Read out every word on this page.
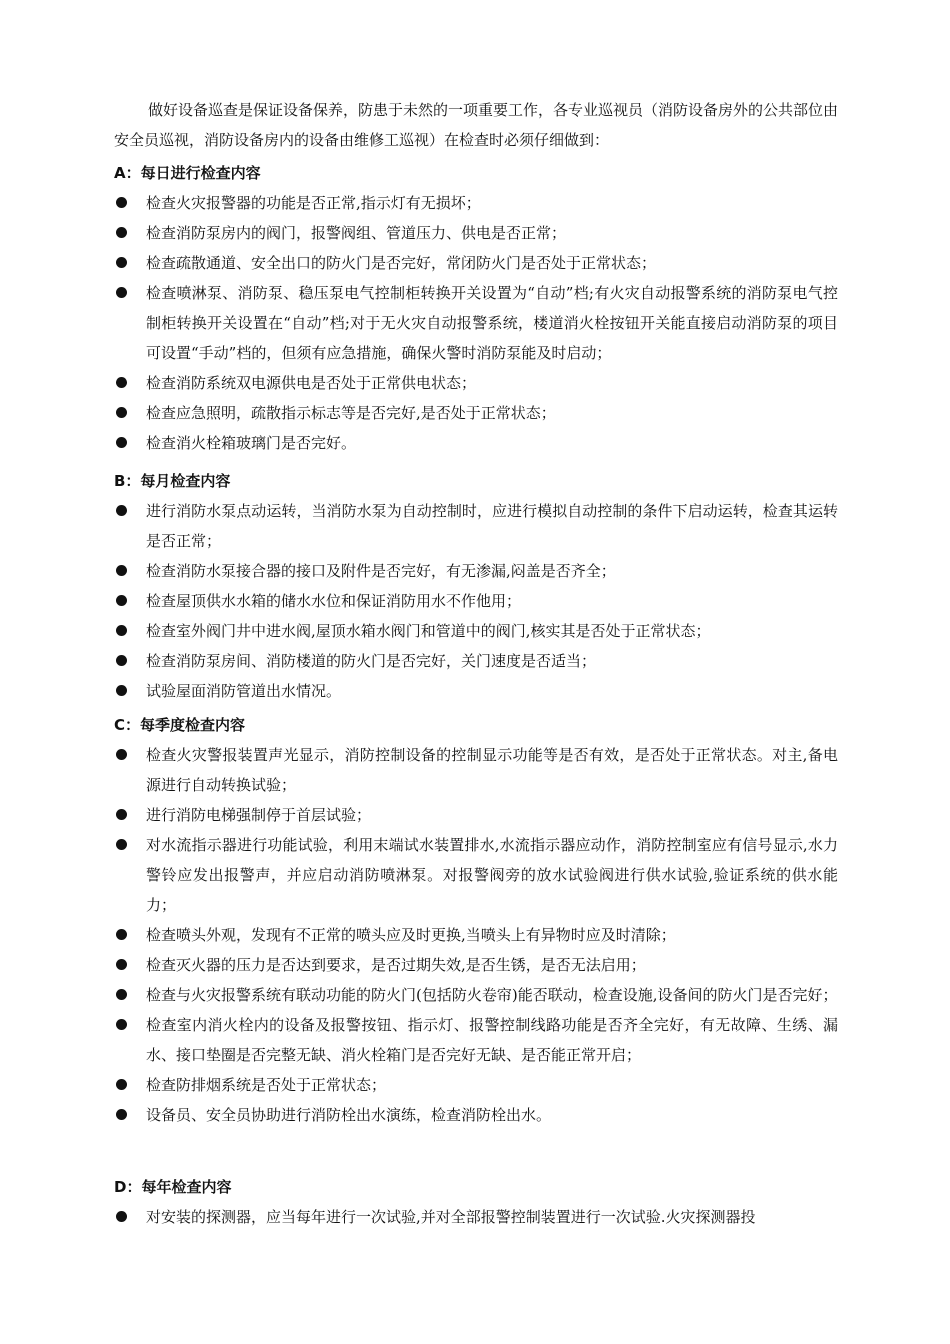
做好设备巡查是保证设备保养，防患于未然的一项重要工作，各专业巡视员（消防设备房外的公共部位由安全员巡视，消防设备房内的设备由维修工巡视）在检查时必须仔细做到：

A：每日进行检查内容
检查火灾报警器的功能是否正常,指示灯有无损坏；
检查消防泵房内的阀门，报警阀组、管道压力、供电是否正常；
检查疏散通道、安全出口的防火门是否完好，常闭防火门是否处于正常状态；
检查喷淋泵、消防泵、稳压泵电气控制柜转换开关设置为“自动”档;有火灾自动报警系统的消防泵电气控制柜转换开关设置在“自动”档;对于无火灾自动报警系统，楼道消火栓按钮开关能直接启动消防泵的项目可设置“手动”档的，但须有应急措施，确保火警时消防泵能及时启动；
检查消防系统双电源供电是否处于正常供电状态；
检查应急照明，疏散指示标志等是否完好,是否处于正常状态；
检查消火栓箱玻璃门是否完好。
B：每月检查内容
进行消防水泵点动运转，当消防水泵为自动控制时，应进行模拟自动控制的条件下启动运转，检查其运转是否正常；
检查消防水泵接合器的接口及附件是否完好，有无渗漏,闷盖是否齐全；
检查屋顶供水水箱的储水水位和保证消防用水不作他用；
检查室外阀门井中进水阀,屋顶水箱水阀门和管道中的阀门,核实其是否处于正常状态；
检查消防泵房间、消防楼道的防火门是否完好，关门速度是否适当；
试验屋面消防管道出水情况。
C：每季度检查内容
检查火灾警报装置声光显示，消防控制设备的控制显示功能等是否有效，是否处于正常状态。对主,备电源进行自动转换试验；
进行消防电梯强制停于首层试验；
对水流指示器进行功能试验，利用末端试水装置排水,水流指示器应动作，消防控制室应有信号显示,水力警铃应发出报警声，并应启动消防喷淋泵。对报警阀旁的放水试验阀进行供水试验,验证系统的供水能力；
检查喷头外观，发现有不正常的喷头应及时更换,当喷头上有异物时应及时清除；
检查灭火器的压力是否达到要求，是否过期失效,是否生锈，是否无法启用；
检查与火灾报警系统有联动功能的防火门(包括防火卷帘)能否联动，检查设施,设备间的防火门是否完好；
检查室内消火栓内的设备及报警按钮、指示灯、报警控制线路功能是否齐全完好，有无故障、生绣、漏水、接口垫圈是否完整无缺、消火栓箱门是否完好无缺、是否能正常开启；
检查防排烟系统是否处于正常状态；
设备员、安全员协助进行消防栓出水演练，检查消防栓出水。
D：每年检查内容
对安装的探测器，应当每年进行一次试验,并对全部报警控制装置进行一次试验.火灾探测器投
